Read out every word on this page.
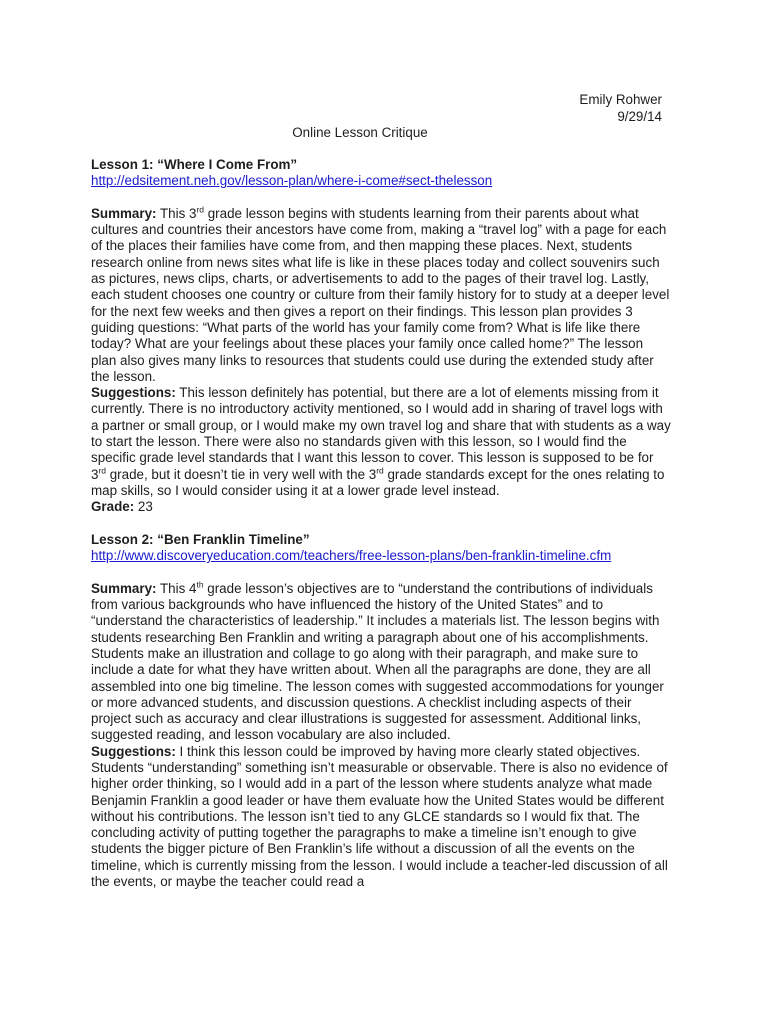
Emily Rohwer
9/29/14
Online Lesson Critique

Lesson 1: “Where I Come From”

http://edsitement.neh.gov/lesson-plan/where-i-come#sect-thelesson

Summary: This 3rd grade lesson begins with students learning from their parents about what cultures and countries their ancestors have come from, making a “travel log” with a page for each of the places their families have come from, and then mapping these places. Next, students research online from news sites what life is like in these places today and collect souvenirs such as pictures, news clips, charts, or advertisements to add to the pages of their travel log. Lastly, each student chooses one country or culture from their family history for to study at a deeper level for the next few weeks and then gives a report on their findings. This lesson plan provides 3 guiding questions: “What parts of the world has your family come from? What is life like there today? What are your feelings about these places your family once called home?” The lesson plan also gives many links to resources that students could use during the extended study after the lesson.

Suggestions: This lesson definitely has potential, but there are a lot of elements missing from it currently. There is no introductory activity mentioned, so I would add in sharing of travel logs with a partner or small group, or I would make my own travel log and share that with students as a way to start the lesson. There were also no standards given with this lesson, so I would find the specific grade level standards that I want this lesson to cover. This lesson is supposed to be for 3rd grade, but it doesn’t tie in very well with the 3rd grade standards except for the ones relating to map skills, so I would consider using it at a lower grade level instead.

Grade: 23

Lesson 2: “Ben Franklin Timeline”

http://www.discoveryeducation.com/teachers/free-lesson-plans/ben-franklin-timeline.cfm

Summary: This 4th grade lesson’s objectives are to “understand the contributions of individuals from various backgrounds who have influenced the history of the United States” and to “understand the characteristics of leadership.” It includes a materials list. The lesson begins with students researching Ben Franklin and writing a paragraph about one of his accomplishments. Students make an illustration and collage to go along with their paragraph, and make sure to include a date for what they have written about. When all the paragraphs are done, they are all assembled into one big timeline. The lesson comes with suggested accommodations for younger or more advanced students, and discussion questions. A checklist including aspects of their project such as accuracy and clear illustrations is suggested for assessment. Additional links, suggested reading, and lesson vocabulary are also included.

Suggestions: I think this lesson could be improved by having more clearly stated objectives. Students “understanding” something isn’t measurable or observable. There is also no evidence of higher order thinking, so I would add in a part of the lesson where students analyze what made Benjamin Franklin a good leader or have them evaluate how the United States would be different without his contributions. The lesson isn’t tied to any GLCE standards so I would fix that. The concluding activity of putting together the paragraphs to make a timeline isn’t enough to give students the bigger picture of Ben Franklin’s life without a discussion of all the events on the timeline, which is currently missing from the lesson. I would include a teacher-led discussion of all the events, or maybe the teacher could read a
